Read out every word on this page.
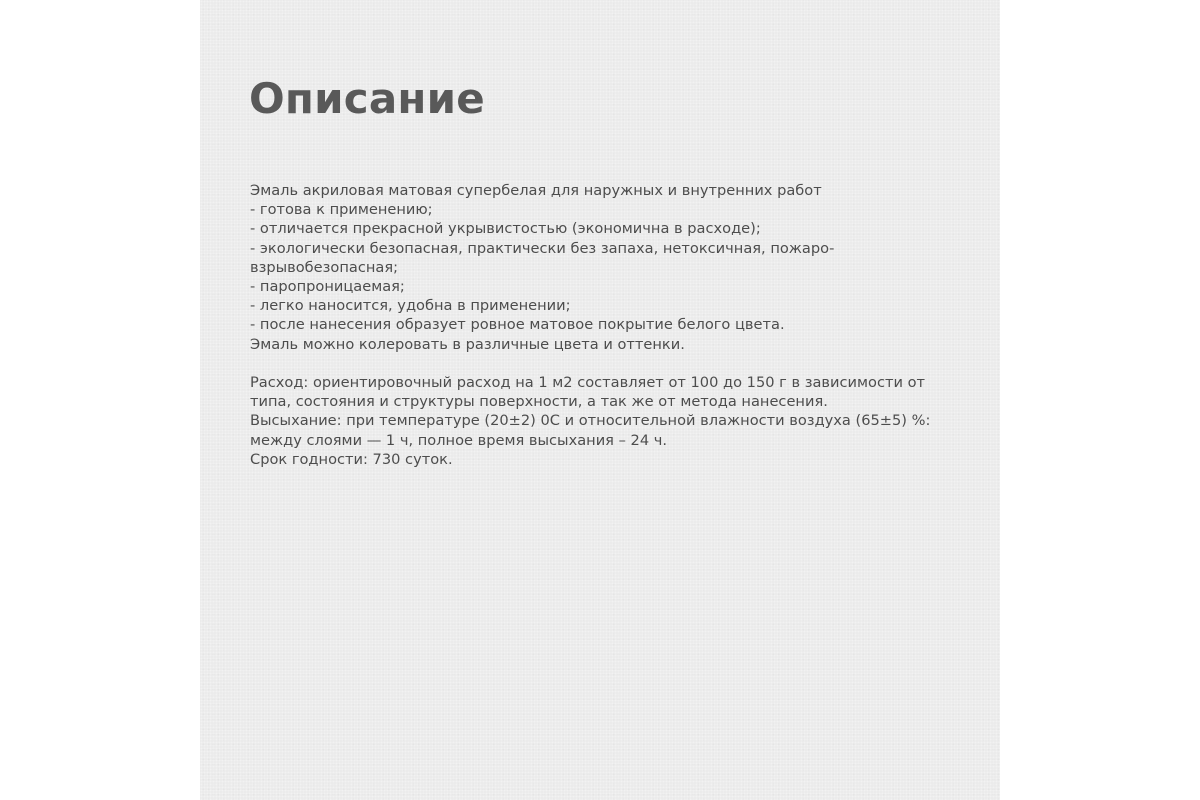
Описание
Эмаль акриловая матовая супербелая для наружных и внутренних работ
- готова к применению;
- отличается прекрасной укрывистостью (экономична в расходе);
- экологически безопасная, практически без запаха, нетоксичная, пожаро-
взрывобезопасная;
- паропроницаемая;
- легко наносится, удобна в применении;
- после нанесения образует ровное матовое покрытие белого цвета.
Эмаль можно колеровать в различные цвета и оттенки.
Расход: ориентировочный расход на 1 м2 составляет от 100 до 150 г в зависимости от
типа, состояния и структуры поверхности, а так же от метода нанесения.
Высыхание: при температуре (20±2) 0С и относительной влажности воздуха (65±5) %:
между слоями — 1 ч, полное время высыхания – 24 ч.
Срок годности: 730 суток.
